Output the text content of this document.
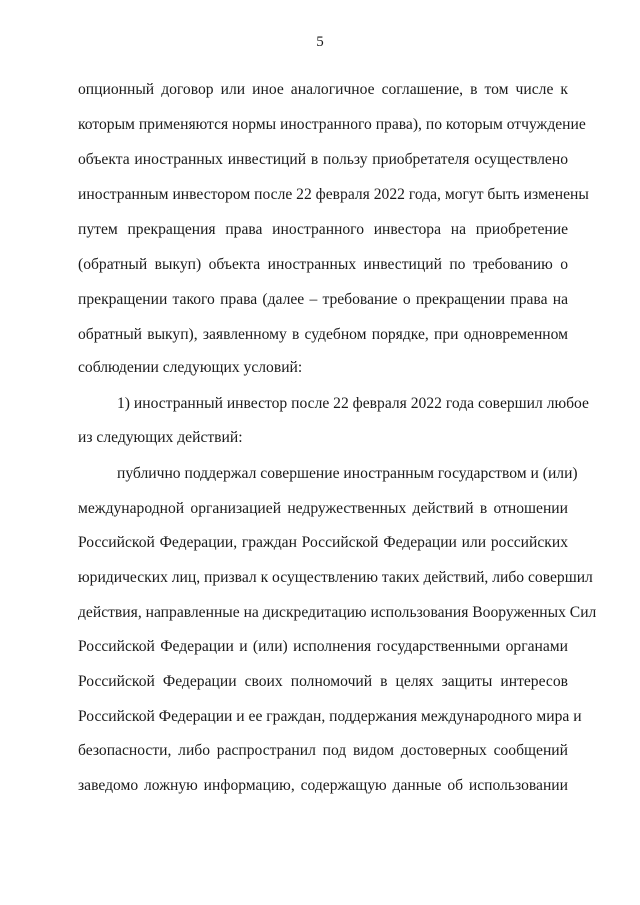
5
опционный договор или иное аналогичное соглашение, в том числе к
которым применяются нормы иностранного права), по которым отчуждение
объекта иностранных инвестиций в пользу приобретателя осуществлено
иностранным инвестором после 22 февраля 2022 года, могут быть изменены
путем прекращения права иностранного инвестора на приобретение
(обратный выкуп) объекта иностранных инвестиций по требованию о
прекращении такого права (далее – требование о прекращении права на
обратный выкуп), заявленному в судебном порядке, при одновременном
соблюдении следующих условий:
1) иностранный инвестор после 22 февраля 2022 года совершил любое
из следующих действий:
публично поддержал совершение иностранным государством и (или)
международной организацией недружественных действий в отношении
Российской Федерации, граждан Российской Федерации или российских
юридических лиц, призвал к осуществлению таких действий, либо совершил
действия, направленные на дискредитацию использования Вооруженных Сил
Российской Федерации и (или) исполнения государственными органами
Российской Федерации своих полномочий в целях защиты интересов
Российской Федерации и ее граждан, поддержания международного мира и
безопасности, либо распространил под видом достоверных сообщений
заведомо ложную информацию, содержащую данные об использовании
